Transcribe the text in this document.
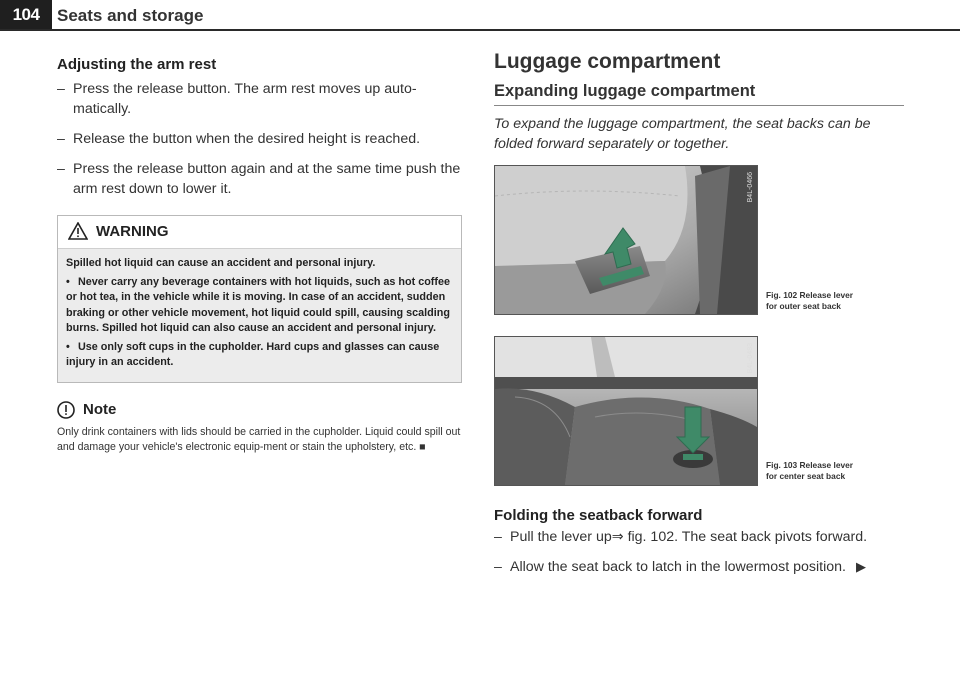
104	Seats and storage
Adjusting the arm rest
– Press the release button. The arm rest moves up auto-matically.
– Release the button when the desired height is reached.
– Press the release button again and at the same time push the arm rest down to lower it.
WARNING

Spilled hot liquid can cause an accident and personal injury.

• Never carry any beverage containers with hot liquids, such as hot coffee or hot tea, in the vehicle while it is moving. In case of an accident, sudden braking or other vehicle movement, hot liquid could spill, causing scalding burns. Spilled hot liquid can also cause an accident and personal injury.

• Use only soft cups in the cupholder. Hard cups and glasses can cause injury in an accident.

Note
Only drink containers with lids should be carried in the cupholder. Liquid could spill out and damage your vehicle's electronic equip-ment or stain the upholstery, etc. ■
Luggage compartment
Expanding luggage compartment
To expand the luggage compartment, the seat backs can be folded forward separately or together.
B4L-0466
Fig. 102 Release lever for outer seat back
B4L-0483
Fig. 103 Release lever for center seat back
Folding the seatback forward
– Pull the lever up⇒ fig. 102. The seat back pivots forward.
– Allow the seat back to latch in the lowermost position. ▶
